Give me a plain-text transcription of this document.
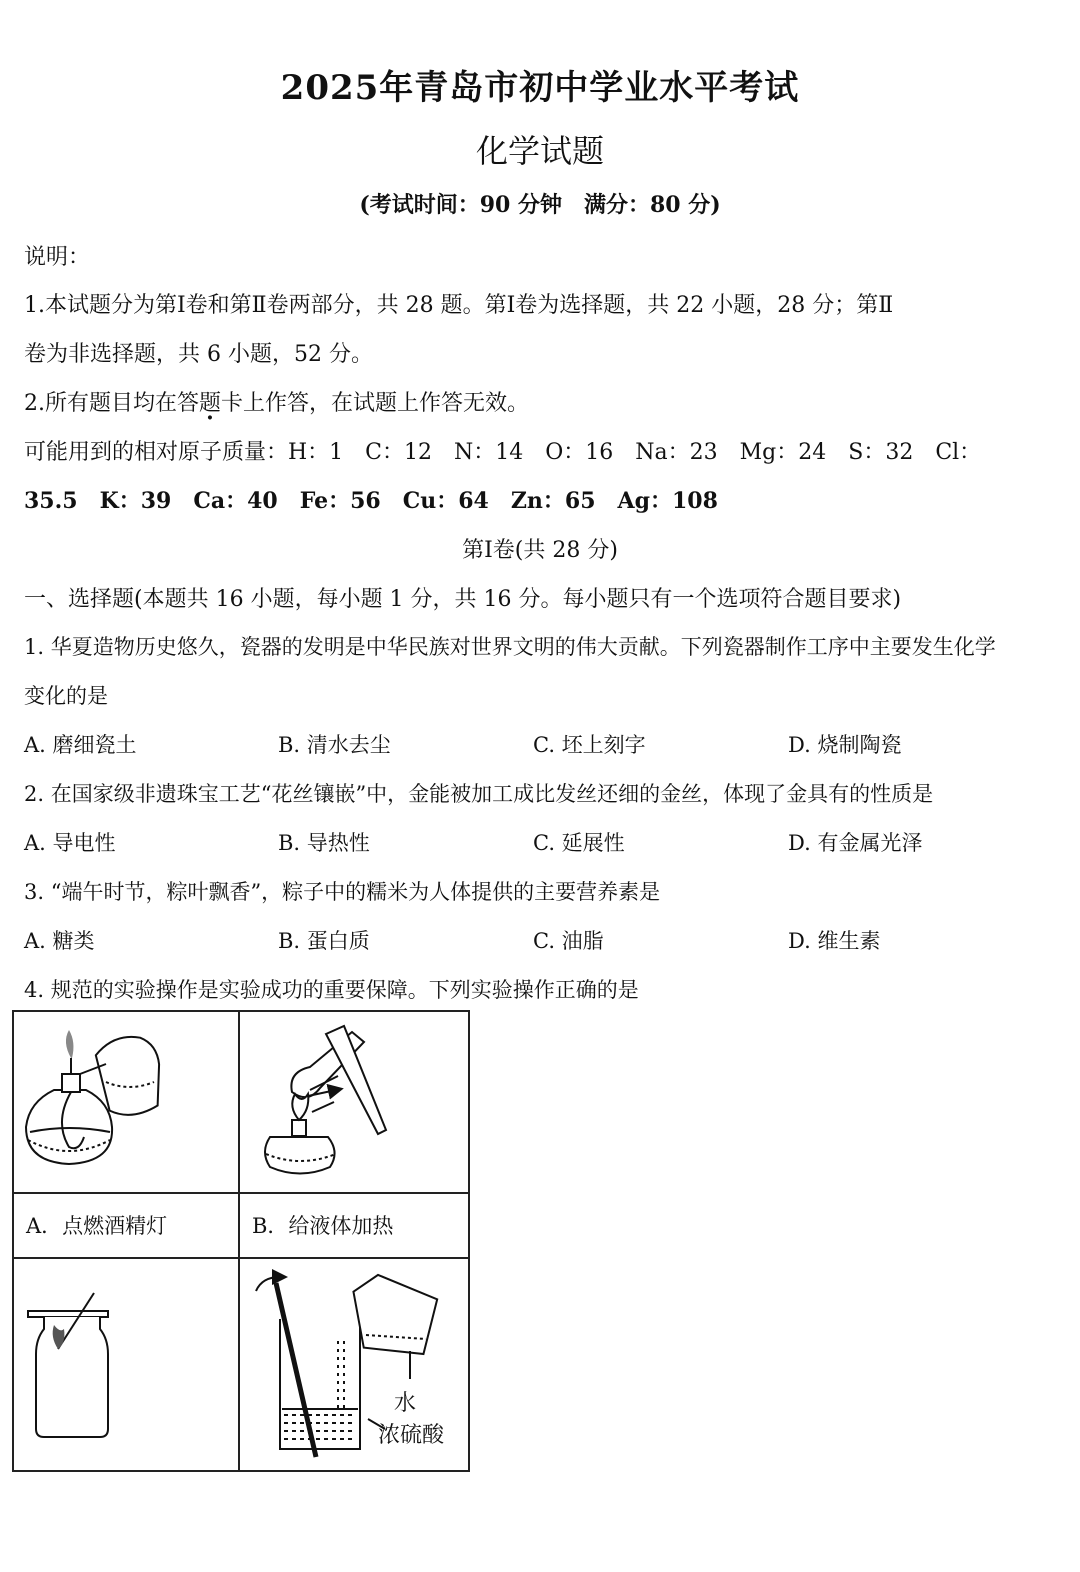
2025年青岛市初中学业水平考试
化学试题
(考试时间：90 分钟　满分：80 分)
说明：
1.本试题分为第Ⅰ卷和第Ⅱ卷两部分，共 28 题。第Ⅰ卷为选择题，共 22 小题，28 分；第Ⅱ
卷为非选择题，共 6 小题，52 分。
2.所有题目均在答题卡上作答，在试题上作答无效。
可能用到的相对原子质量：H：1　C：12　N：14　O：16　Na：23　Mg：24　S：32　Cl：
35.5　K：39　Ca：40　Fe：56　Cu：64　Zn：65　Ag：108
第Ⅰ卷(共 28 分)
一、选择题(本题共 16 小题，每小题 1 分，共 16 分。每小题只有一个选项符合题目要求)
1. 华夏造物历史悠久，瓷器的发明是中华民族对世界文明的伟大贡献。下列瓷器制作工序中主要发生化学
变化的是
A. 磨细瓷土	B. 清水去尘	C. 坯上刻字	D. 烧制陶瓷
2. 在国家级非遗珠宝工艺“花丝镶嵌”中，金能被加工成比发丝还细的金丝，体现了金具有的性质是
A. 导电性	B. 导热性	C. 延展性	D. 有金属光泽
3. “端午时节，粽叶飘香”，粽子中的糯米为人体提供的主要营养素是
A. 糖类	B. 蛋白质	C. 油脂	D. 维生素
4. 规范的实验操作是实验成功的重要保障。下列实验操作正确的是
A．点燃酒精灯	B．给液体加热
水
浓硫酸
